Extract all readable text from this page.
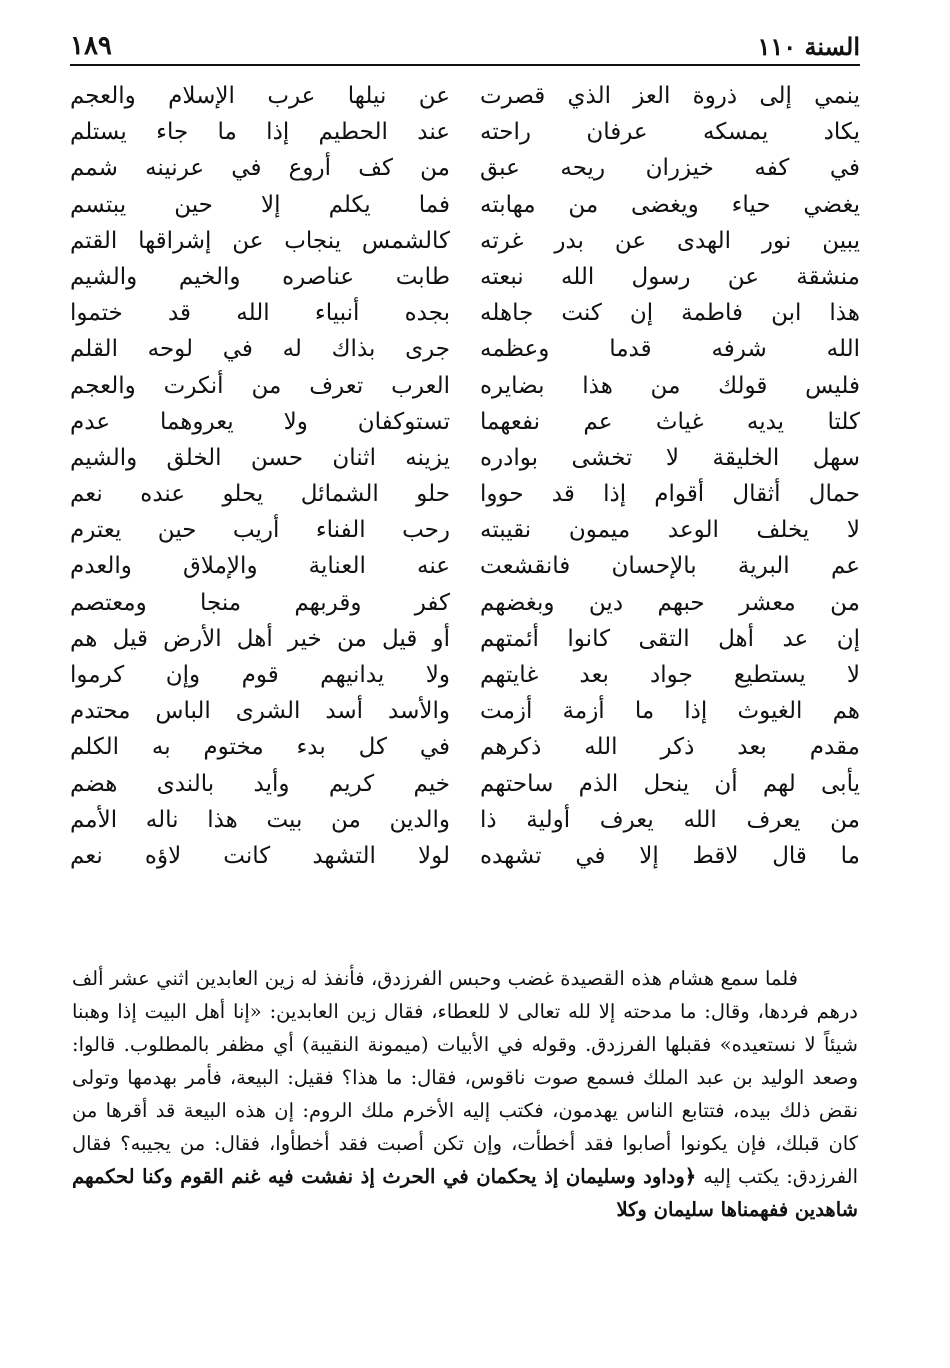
السنة ١١٠
١٨٩
ينمي إلى ذروة العز الذي قصرت
يكاد يمسكه عرفان راحته
في كفه خيزران ريحه عبق
يغضي حياء ويغضى من مهابته
يبين نور الهدى عن بدر غرته
منشقة عن رسول الله نبعته
هذا ابن فاطمة إن كنت جاهله
الله شرفه قدما وعظمه
فليس قولك من هذا بضايره
كلتا يديه غياث عم نفعهما
سهل الخليقة لا تخشى بوادره
حمال أثقال أقوام إذا قد حووا
لا يخلف الوعد ميمون نقيبته
عم البرية بالإحسان فانقشعت
من معشر حبهم دين وبغضهم
إن عد أهل التقى كانوا أئمتهم
لا يستطيع جواد بعد غايتهم
هم الغيوث إذا ما أزمة أزمت
مقدم بعد ذكر الله ذكرهم
يأبى لهم أن ينحل الذم ساحتهم
من يعرف الله يعرف أولية ذا
ما قال لاقط إلا في تشهده
عن نيلها عرب الإسلام والعجم
عند الحطيم إذا ما جاء يستلم
من كف أروع في عرنينه شمم
فما يكلم إلا حين يبتسم
كالشمس ينجاب عن إشراقها القتم
طابت عناصره والخيم والشيم
بجده أنبياء الله قد ختموا
جرى بذاك له في لوحه القلم
العرب تعرف من أنكرت والعجم
تستوكفان ولا يعروهما عدم
يزينه اثنان حسن الخلق والشيم
حلو الشمائل يحلو عنده نعم
رحب الفناء أريب حين يعترم
عنه العناية والإملاق والعدم
كفر وقربهم منجا ومعتصم
أو قيل من خير أهل الأرض قيل هم
ولا يدانيهم قوم وإن كرموا
والأسد أسد الشرى الباس محتدم
في كل بدء مختوم به الكلم
خيم كريم وأيد بالندى هضم
والدين من بيت هذا ناله الأمم
لولا التشهد كانت لاؤه نعم

فلما سمع هشام هذه القصيدة غضب وحبس الفرزدق، فأنفذ له زين العابدين اثني عشر ألف درهم فردها، وقال: ما مدحته إلا لله تعالى لا للعطاء، فقال زين العابدين: «إنا أهل البيت إذا وهبنا شيئاً لا نستعيده» فقبلها الفرزدق. وقوله في الأبيات (ميمونة النقيبة) أي مظفر بالمطلوب. قالوا: وصعد الوليد بن عبد الملك فسمع صوت ناقوس، فقال: ما هذا؟ فقيل: البيعة، فأمر بهدمها وتولى نقض ذلك بيده، فتتابع الناس يهدمون، فكتب إليه الأخرم ملك الروم: إن هذه البيعة قد أقرها من كان قبلك، فإن يكونوا أصابوا فقد أخطأت، وإن تكن أصبت فقد أخطأوا، فقال: من يجيبه؟ فقال الفرزدق: يكتب إليه ﴿وداود وسليمان إذ يحكمان في الحرث إذ نفشت فيه غنم القوم وكنا لحكمهم شاهدين ففهمناها سليمان وكلا
